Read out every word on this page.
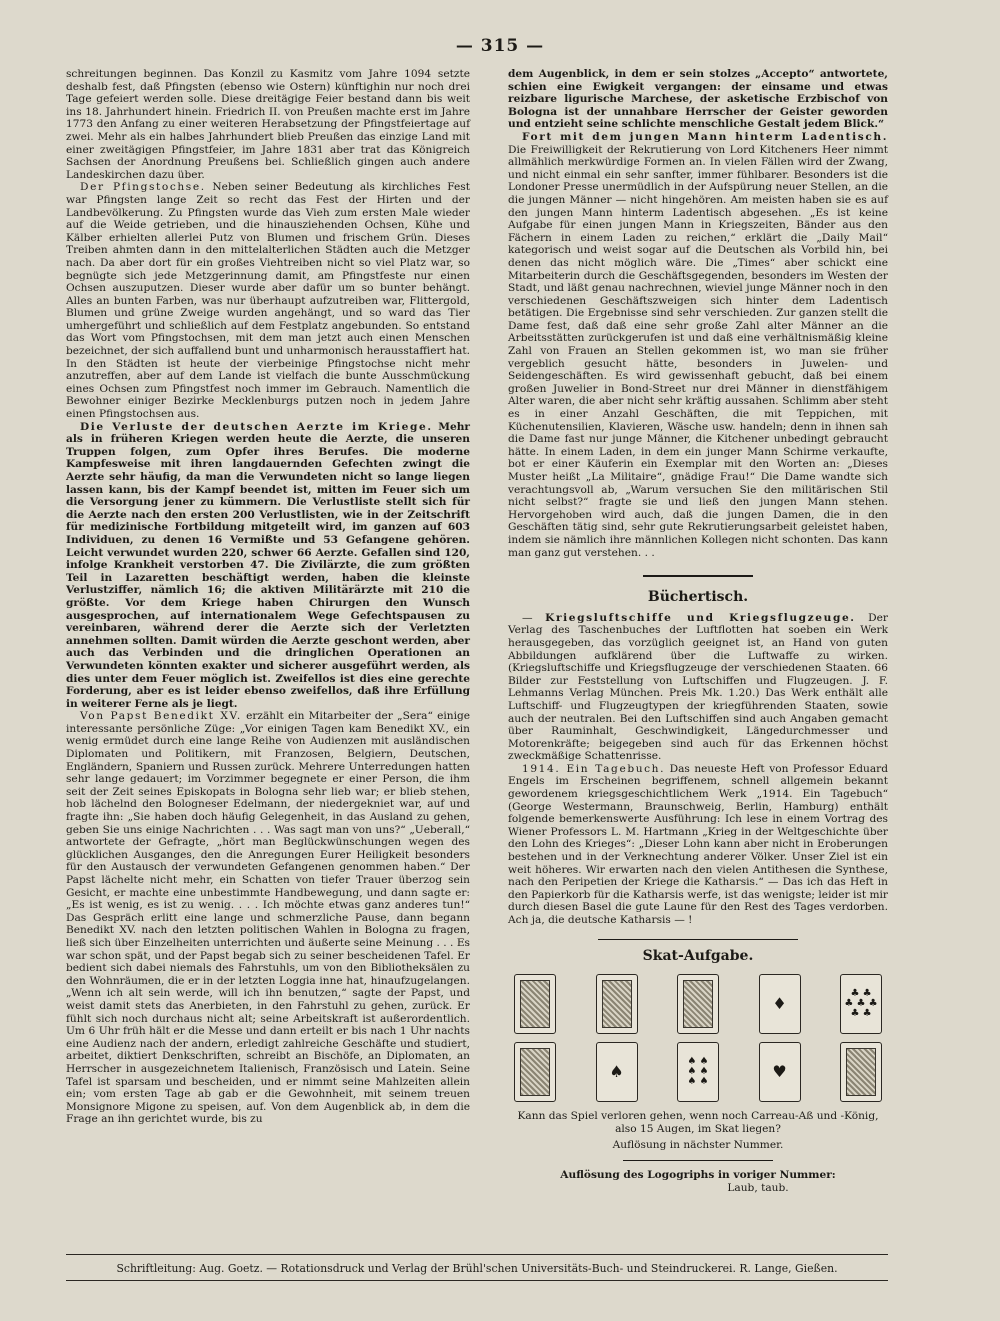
— 315 —

schreitungen beginnen. Das Konzil zu Kasmitz vom Jahre 1094 setzte deshalb fest, daß Pfingsten (ebenso wie Ostern) künftighin nur noch drei Tage gefeiert werden solle. Diese dreitägige Feier bestand dann bis weit ins 18. Jahrhundert hinein. Friedrich II. von Preußen machte erst im Jahre 1773 den Anfang zu einer weiteren Herabsetzung der Pfingstfeiertage auf zwei. Mehr als ein halbes Jahrhundert blieb Preußen das einzige Land mit einer zweitägigen Pfingstfeier, im Jahre 1831 aber trat das Königreich Sachsen der Anordnung Preußens bei. Schließlich gingen auch andere Landeskirchen dazu über.

Der Pfingstochse. Neben seiner Bedeutung als kirchliches Fest war Pfingsten lange Zeit so recht das Fest der Hirten und der Landbevölkerung. Zu Pfingsten wurde das Vieh zum ersten Male wieder auf die Weide getrieben, und die hinausziehenden Ochsen, Kühe und Kälber erhielten allerlei Putz von Blumen und frischem Grün. Dieses Treiben ahmten dann in den mittelalterlichen Städten auch die Metzger nach. Da aber dort für ein großes Viehtreiben nicht so viel Platz war, so begnügte sich jede Metzgerinnung damit, am Pfingstfeste nur einen Ochsen auszuputzen. Dieser wurde aber dafür um so bunter behängt. Alles an bunten Farben, was nur überhaupt aufzutreiben war, Flittergold, Blumen und grüne Zweige wurden angehängt, und so ward das Tier umhergeführt und schließlich auf dem Festplatz angebunden. So entstand das Wort vom Pfingstochsen, mit dem man jetzt auch einen Menschen bezeichnet, der sich auffallend bunt und unharmonisch herausstaffiert hat. In den Städten ist heute der vierbeinige Pfingstochse nicht mehr anzutreffen, aber auf dem Lande ist vielfach die bunte Ausschmückung eines Ochsen zum Pfingstfest noch immer im Gebrauch. Namentlich die Bewohner einiger Bezirke Mecklenburgs putzen noch in jedem Jahre einen Pfingstochsen aus.

Die Verluste der deutschen Aerzte im Kriege. Mehr als in früheren Kriegen werden heute die Aerzte, die unseren Truppen folgen, zum Opfer ihres Berufes. Die moderne Kampfesweise mit ihren langdauernden Gefechten zwingt die Aerzte sehr häufig, da man die Verwundeten nicht so lange liegen lassen kann, bis der Kampf beendet ist, mitten im Feuer sich um die Versorgung jener zu kümmern. Die Verlustliste stellt sich für die Aerzte nach den ersten 200 Verlustlisten, wie in der Zeitschrift für medizinische Fortbildung mitgeteilt wird, im ganzen auf 603 Individuen, zu denen 16 Vermißte und 53 Gefangene gehören. Leicht verwundet wurden 220, schwer 66 Aerzte. Gefallen sind 120, infolge Krankheit verstorben 47. Die Zivilärzte, die zum größten Teil in Lazaretten beschäftigt werden, haben die kleinste Verlustziffer, nämlich 16; die aktiven Militärärzte mit 210 die größte. Vor dem Kriege haben Chirurgen den Wunsch ausgesprochen, auf internationalem Wege Gefechtspausen zu vereinbaren, während derer die Aerzte sich der Verletzten annehmen sollten. Damit würden die Aerzte geschont werden, aber auch das Verbinden und die dringlichen Operationen an Verwundeten könnten exakter und sicherer ausgeführt werden, als dies unter dem Feuer möglich ist. Zweifellos ist dies eine gerechte Forderung, aber es ist leider ebenso zweifellos, daß ihre Erfüllung in weiterer Ferne als je liegt.

Von Papst Benedikt XV. erzählt ein Mitarbeiter der „Sera“ einige interessante persönliche Züge: „Vor einigen Tagen kam Benedikt XV., ein wenig ermüdet durch eine lange Reihe von Audienzen mit ausländischen Diplomaten und Politikern, mit Franzosen, Belgiern, Deutschen, Engländern, Spaniern und Russen zurück. Mehrere Unterredungen hatten sehr lange gedauert; im Vorzimmer begegnete er einer Person, die ihm seit der Zeit seines Episkopats in Bologna sehr lieb war; er blieb stehen, hob lächelnd den Bologneser Edelmann, der niedergekniet war, auf und fragte ihn: „Sie haben doch häufig Gelegenheit, in das Ausland zu gehen, geben Sie uns einige Nachrichten . . . Was sagt man von uns?“ „Ueberall,“ antwortete der Gefragte, „hört man Beglückwünschungen wegen des glücklichen Ausganges, den die Anregungen Eurer Heiligkeit besonders für den Austausch der verwundeten Gefangenen genommen haben.“ Der Papst lächelte nicht mehr, ein Schatten von tiefer Trauer überzog sein Gesicht, er machte eine unbestimmte Handbewegung, und dann sagte er: „Es ist wenig, es ist zu wenig. . . . Ich möchte etwas ganz anderes tun!“ Das Gespräch erlitt eine lange und schmerzliche Pause, dann begann Benedikt XV. nach den letzten politischen Wahlen in Bologna zu fragen, ließ sich über Einzelheiten unterrichten und äußerte seine Meinung . . . Es war schon spät, und der Papst begab sich zu seiner bescheidenen Tafel. Er bedient sich dabei niemals des Fahrstuhls, um von den Bibliotheksälen zu den Wohnräumen, die er in der letzten Loggia inne hat, hinaufzugelangen. „Wenn ich alt sein werde, will ich ihn benutzen,“ sagte der Papst, und weist damit stets das Anerbieten, in den Fahrstuhl zu gehen, zurück. Er fühlt sich noch durchaus nicht alt; seine Arbeitskraft ist außerordentlich. Um 6 Uhr früh hält er die Messe und dann erteilt er bis nach 1 Uhr nachts eine Audienz nach der andern, erledigt zahlreiche Geschäfte und studiert, arbeitet, diktiert Denkschriften, schreibt an Bischöfe, an Diplomaten, an Herrscher in ausgezeichnetem Italienisch, Französisch und Latein. Seine Tafel ist sparsam und bescheiden, und er nimmt seine Mahlzeiten allein ein; vom ersten Tage ab gab er die Gewohnheit, mit seinem treuen Monsignore Migone zu speisen, auf. Von dem Augenblick ab, in dem die Frage an ihn gerichtet wurde, bis zu

dem Augenblick, in dem er sein stolzes „Accepto“ antwortete, schien eine Ewigkeit vergangen: der einsame und etwas reizbare ligurische Marchese, der asketische Erzbischof von Bologna ist der unnahbare Herrscher der Geister geworden und entzieht seine schlichte menschliche Gestalt jedem Blick.“

Fort mit dem jungen Mann hinterm Ladentisch. Die Freiwilligkeit der Rekrutierung von Lord Kitcheners Heer nimmt allmählich merkwürdige Formen an. In vielen Fällen wird der Zwang, und nicht einmal ein sehr sanfter, immer fühlbarer. Besonders ist die Londoner Presse unermüdlich in der Aufspürung neuer Stellen, an die die jungen Männer — nicht hingehören. Am meisten haben sie es auf den jungen Mann hinterm Ladentisch abgesehen. „Es ist keine Aufgabe für einen jungen Mann in Kriegszeiten, Bänder aus den Fächern in einem Laden zu reichen,“ erklärt die „Daily Mail“ kategorisch und weist sogar auf die Deutschen als Vorbild hin, bei denen das nicht möglich wäre. Die „Times“ aber schickt eine Mitarbeiterin durch die Geschäftsgegenden, besonders im Westen der Stadt, und läßt genau nachrechnen, wieviel junge Männer noch in den verschiedenen Geschäftszweigen sich hinter dem Ladentisch betätigen. Die Ergebnisse sind sehr verschieden. Zur ganzen stellt die Dame fest, daß daß eine sehr große Zahl alter Männer an die Arbeitsstätten zurückgerufen ist und daß eine verhältnismäßig kleine Zahl von Frauen an Stellen gekommen ist, wo man sie früher vergeblich gesucht hätte, besonders in Juwelen- und Seidengeschäften. Es wird gewissenhaft gebucht, daß bei einem großen Juwelier in Bond-Street nur drei Männer in dienstfähigem Alter waren, die aber nicht sehr kräftig aussahen. Schlimm aber steht es in einer Anzahl Geschäften, die mit Teppichen, mit Küchenutensilien, Klavieren, Wäsche usw. handeln; denn in ihnen sah die Dame fast nur junge Männer, die Kitchener unbedingt gebraucht hätte. In einem Laden, in dem ein junger Mann Schirme verkaufte, bot er einer Käuferin ein Exemplar mit den Worten an: „Dieses Muster heißt „La Militaire“, gnädige Frau!“ Die Dame wandte sich verachtungsvoll ab, „Warum versuchen Sie den militärischen Stil nicht selbst?“ fragte sie und ließ den jungen Mann stehen. Hervorgehoben wird auch, daß die jungen Damen, die in den Geschäften tätig sind, sehr gute Rekrutierungsarbeit geleistet haben, indem sie nämlich ihre männlichen Kollegen nicht schonten. Das kann man ganz gut verstehen. . .

Büchertisch.

— Kriegsluftschiffe und Kriegsflugzeuge. Der Verlag des Taschenbuches der Luftflotten hat soeben ein Werk herausgegeben, das vorzüglich geeignet ist, an Hand von guten Abbildungen aufklärend über die Luftwaffe zu wirken. (Kriegsluftschiffe und Kriegsflugzeuge der verschiedenen Staaten. 66 Bilder zur Feststellung von Luftschiffen und Flugzeugen. J. F. Lehmanns Verlag München. Preis Mk. 1.20.) Das Werk enthält alle Luftschiff- und Flugzeugtypen der kriegführenden Staaten, sowie auch der neutralen. Bei den Luftschiffen sind auch Angaben gemacht über Rauminhalt, Geschwindigkeit, Längedurchmesser und Motorenkräfte; beigegeben sind auch für das Erkennen höchst zweckmäßige Schattenrisse.

1914. Ein Tagebuch. Das neueste Heft von Professor Eduard Engels im Erscheinen begriffenem, schnell allgemein bekannt gewordenem kriegsgeschichtlichem Werk „1914. Ein Tagebuch“ (George Westermann, Braunschweig, Berlin, Hamburg) enthält folgende bemerkenswerte Ausführung: Ich lese in einem Vortrag des Wiener Professors L. M. Hartmann „Krieg in der Weltgeschichte über den Lohn des Krieges“: „Dieser Lohn kann aber nicht in Eroberungen bestehen und in der Verknechtung anderer Völker. Unser Ziel ist ein weit höheres. Wir erwarten nach den vielen Antithesen die Synthese, nach den Peripetien der Kriege die Katharsis.“ — Das ich das Heft in den Papierkorb für die Katharsis werfe, ist das wenigste; leider ist mir durch diesen Basel die gute Laune für den Rest des Tages verdorben. Ach ja, die deutsche Katharsis — !

Skat-Aufgabe.
♦
♣ ♣
♣ ♣ ♣
♣ ♣
♠
♠ ♠
♠ ♠
♠ ♠
♥

Kann das Spiel verloren gehen, wenn noch Carreau-Aß und -König, also 15 Augen, im Skat liegen?

Auflösung in nächster Nummer.

Auflösung des Logogriphs in voriger Nummer:

Laub, taub.

Schriftleitung: Aug. Goetz. — Rotationsdruck und Verlag der Brühl'schen Universitäts-Buch- und Steindruckerei. R. Lange, Gießen.
